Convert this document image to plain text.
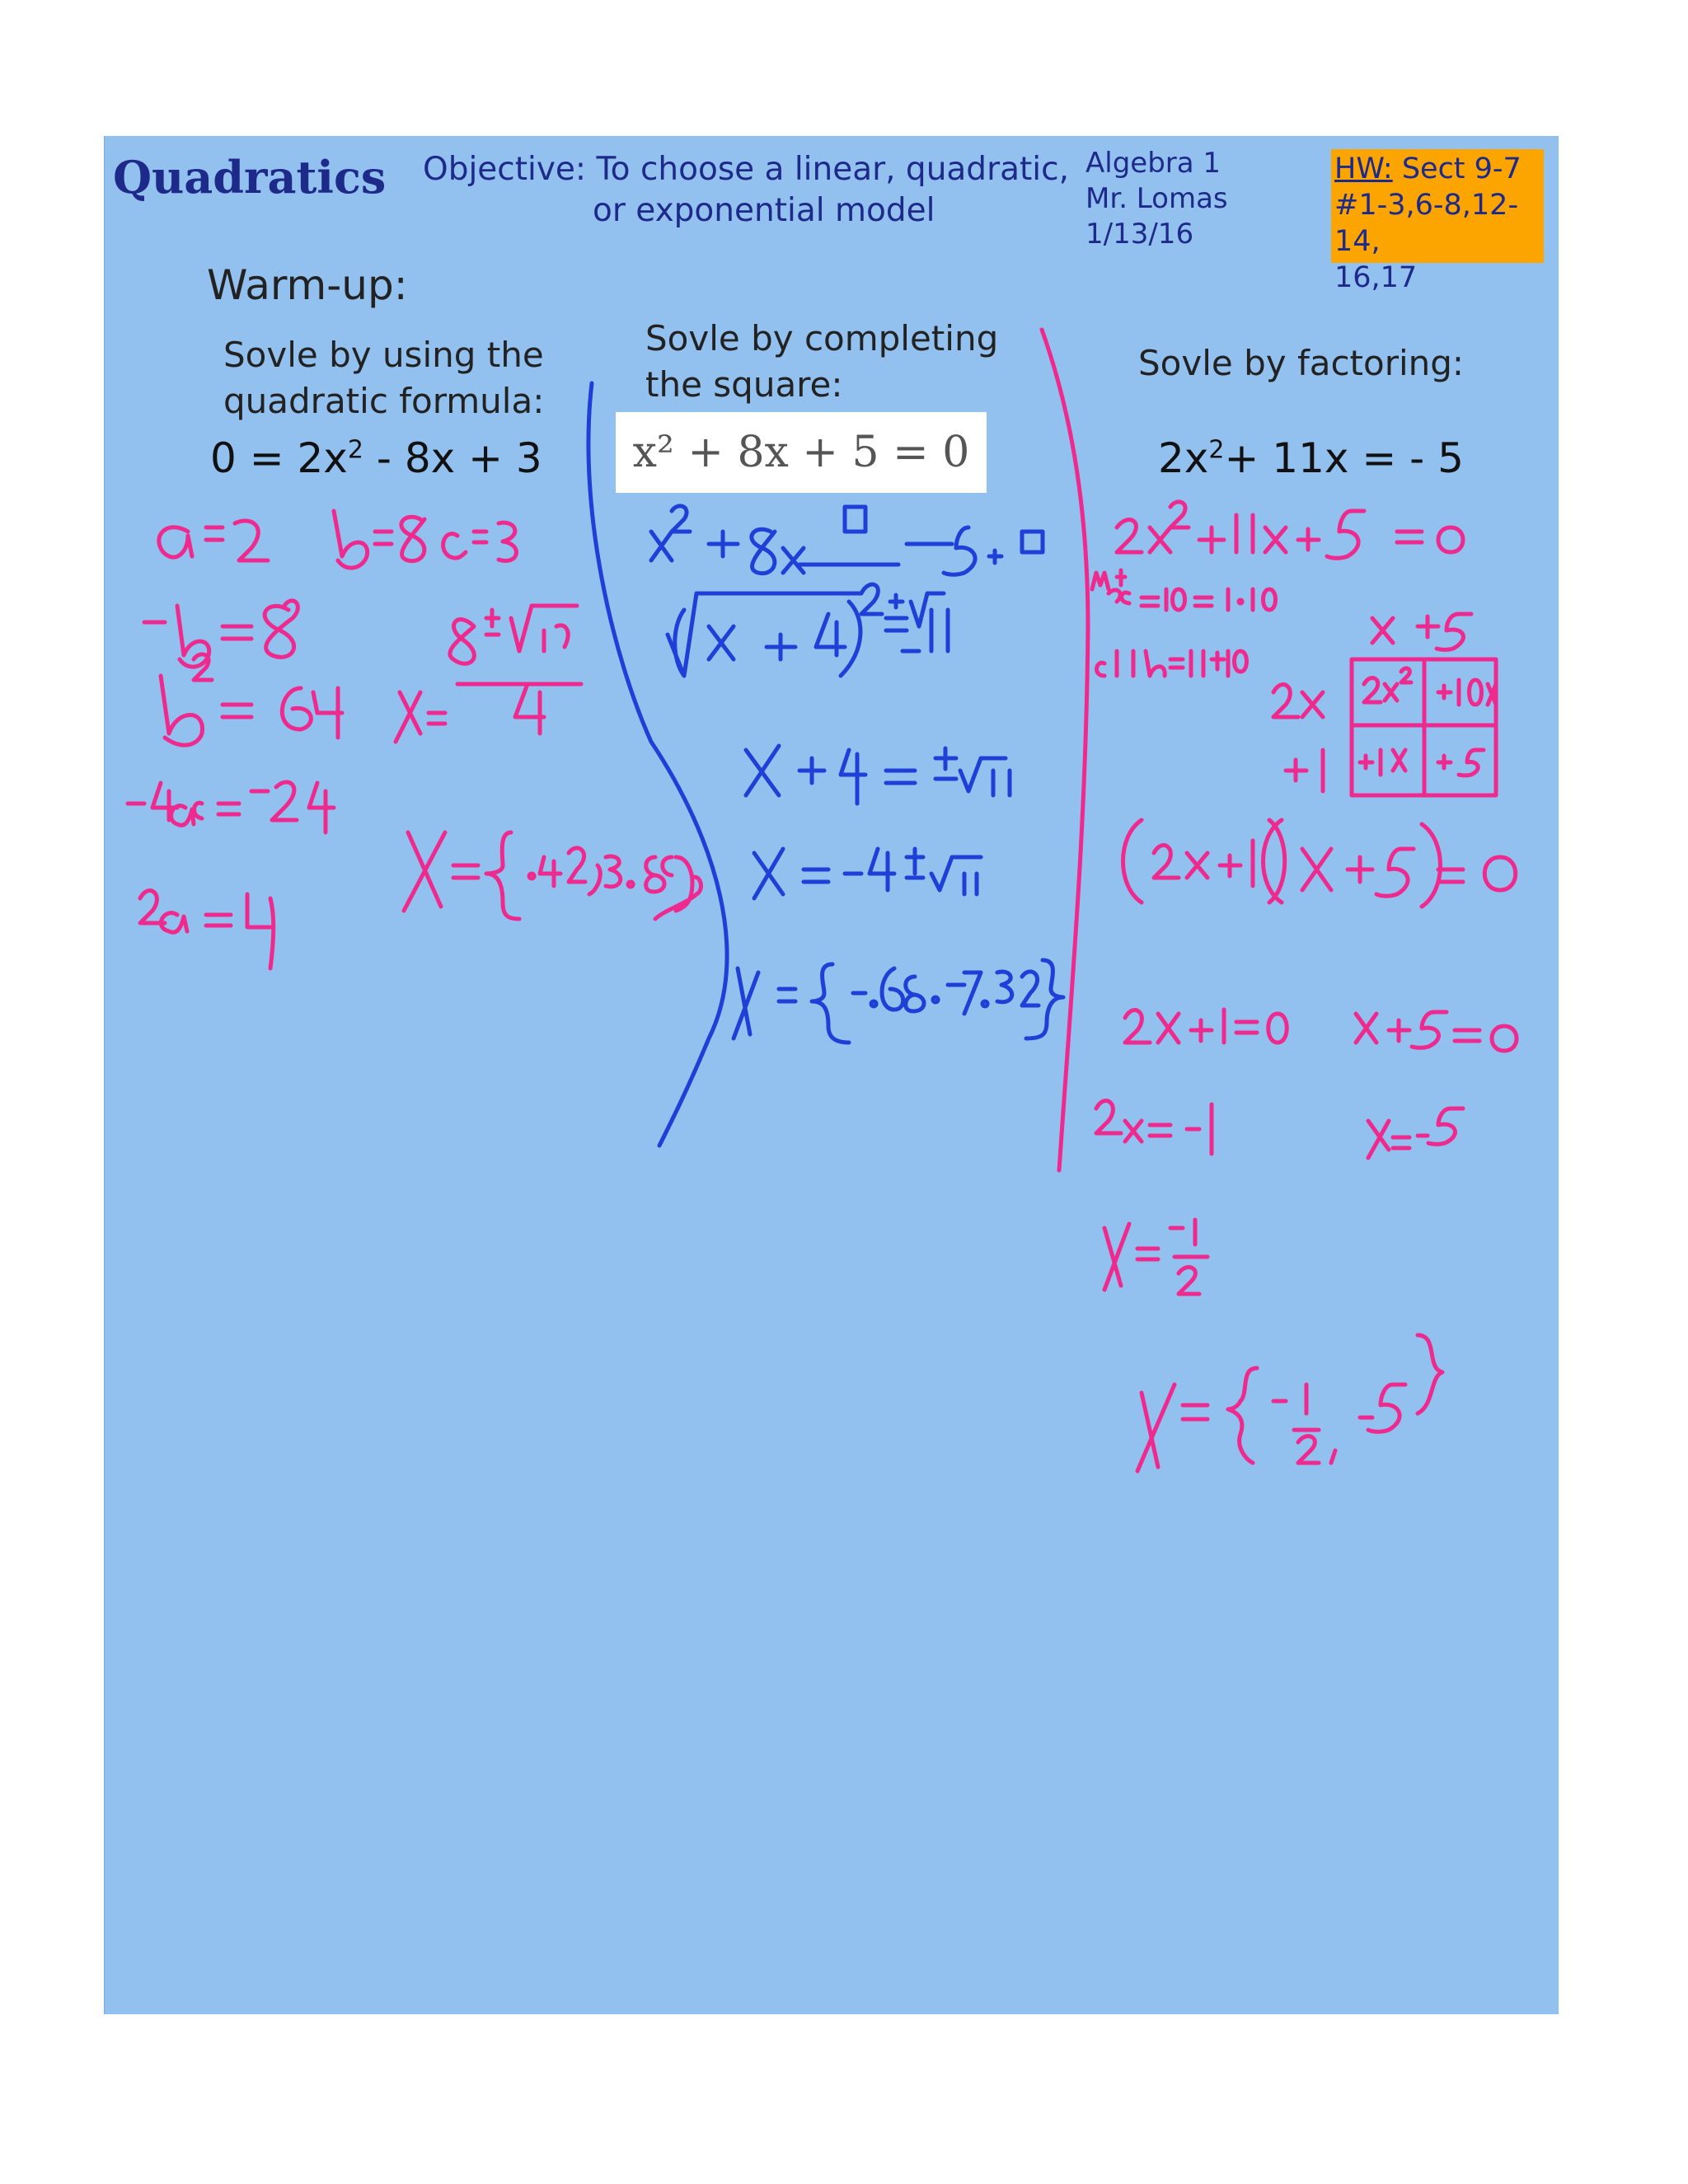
Quadratics Objective: To choose a linear, quadratic,
or exponential model
Algebra 1
Mr. Lomas
1/13/16
HW: Sect 9-7
#1-3,6-8,12-14,
16,17
Warm-up:
Sovle by using the
quadratic formula:
$0 = 2x^2 - 8x + 3$
Sovle by completing
the square:
x² + 8x + 5 = 0
Sovle by factoring:
$2x^2+ 11x$ = - 5
